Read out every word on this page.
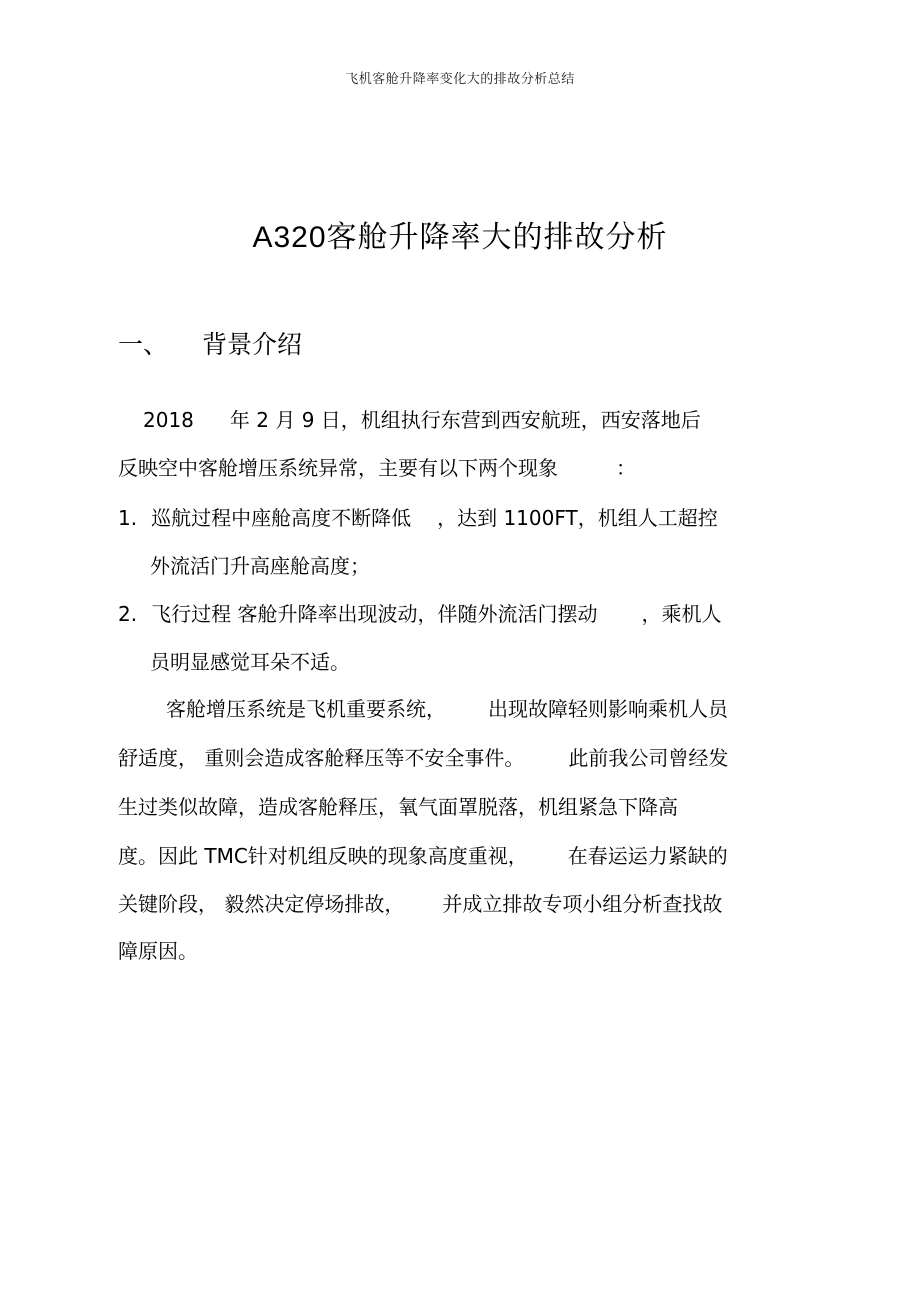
飞机客舱升降率变化大的排故分析总结
A320客舱升降率大的排故分析
一、 背景介绍
2018 年 2 月 9 日，机组执行东营到西安航班，西安落地后
反映空中客舱增压系统异常，主要有以下两个现象	：
1. 巡航过程中座舱高度不断降低 ，达到 1100FT，机组人工超控
外流活门升高座舱高度；
2. 飞行过程 客舱升降率出现波动，伴随外流活门摆动 ，乘机人
员明显感觉耳朵不适。
客舱增压系统是飞机重要系统， 出现故障轻则影响乘机人员
舒适度， 重则会造成客舱释压等不安全事件。 此前我公司曾经发
生过类似故障，造成客舱释压，氧气面罩脱落，机组紧急下降高
度。因此 TMC针对机组反映的现象高度重视， 在春运运力紧缺的
关键阶段， 毅然决定停场排故， 并成立排故专项小组分析查找故
障原因。
